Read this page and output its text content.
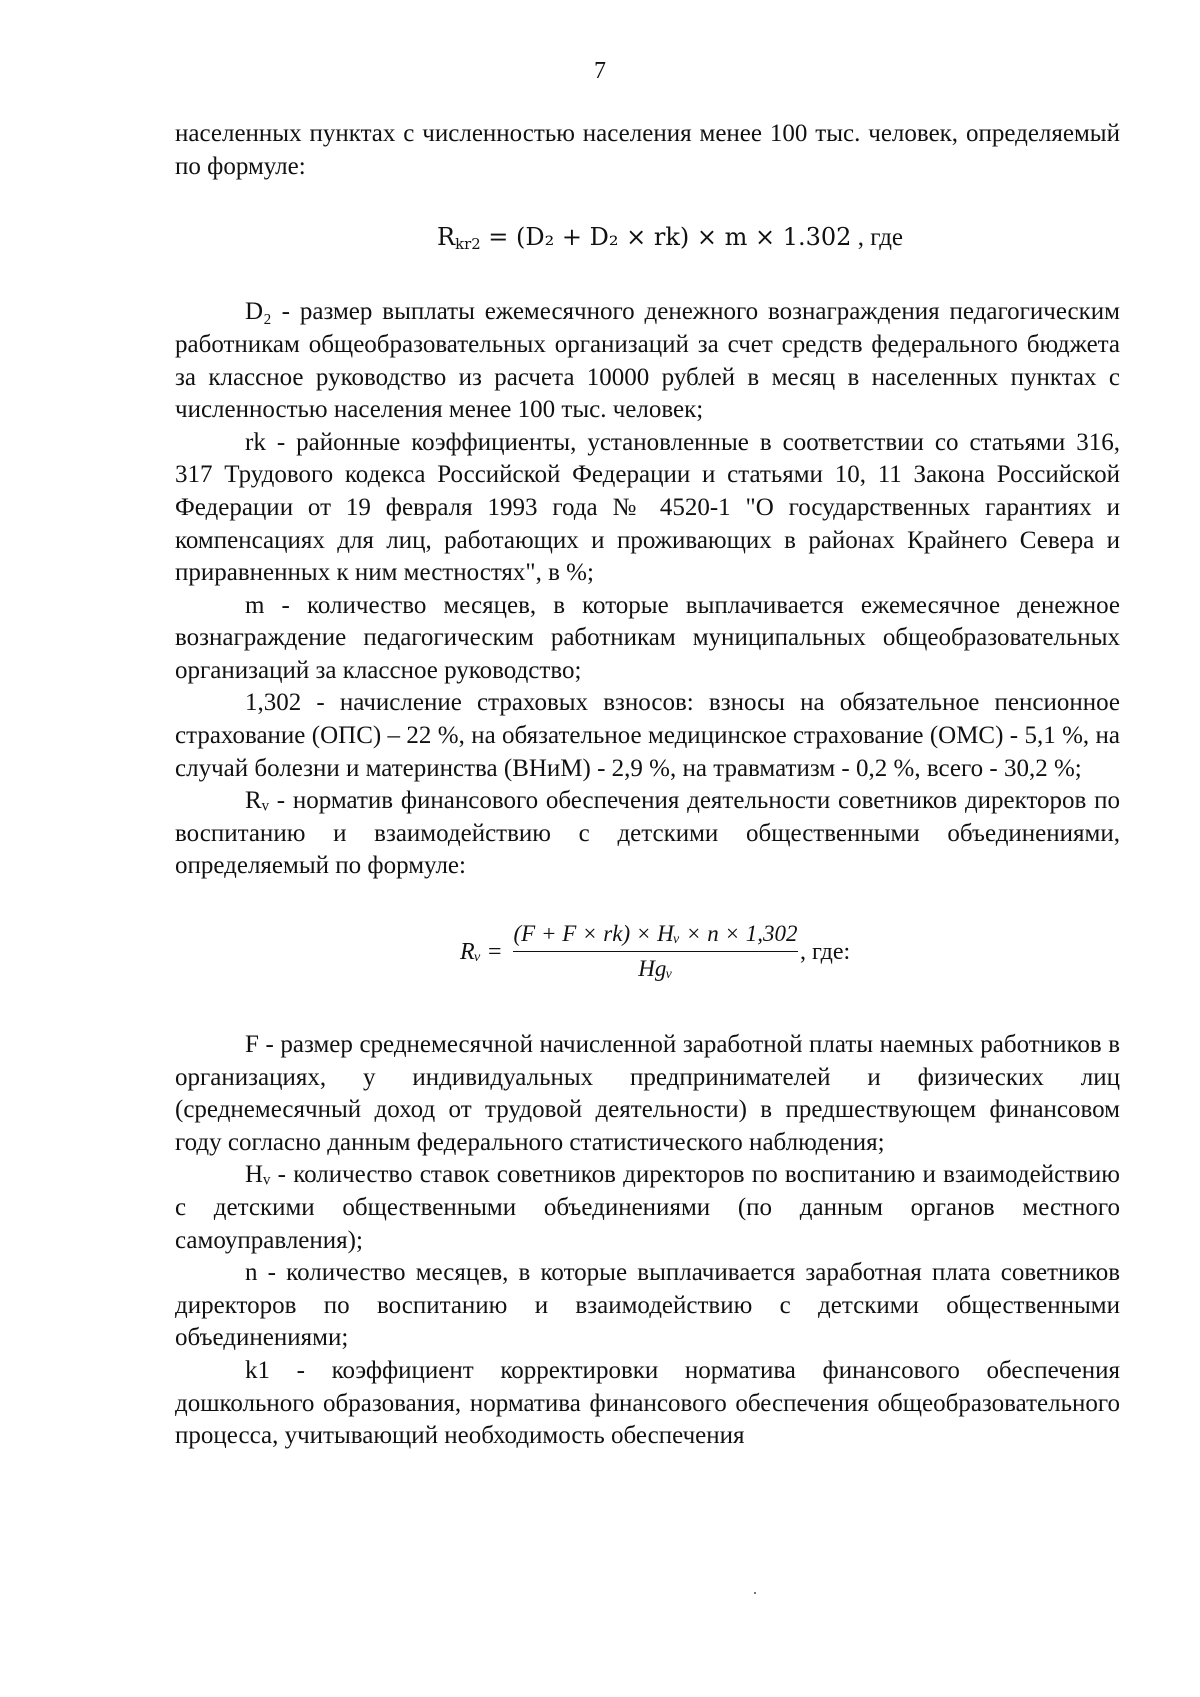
7

населенных пунктах с численностью населения менее 100 тыс. человек, определяемый по формуле:

$R_{kr2} = (D_2 + D_2 \times rk) \times m \times 1.302$ , где

D₂ - размер выплаты ежемесячного денежного вознаграждения педагогическим работникам общеобразовательных организаций за счет средств федерального бюджета за классное руководство из расчета 10000 рублей в месяц в населенных пунктах с численностью населения менее 100 тыс. человек;

rk - районные коэффициенты, установленные в соответствии со статьями 316, 317 Трудового кодекса Российской Федерации и статьями 10, 11 Закона Российской Федерации от 19 февраля 1993 года № 4520-1 "О государственных гарантиях и компенсациях для лиц, работающих и проживающих в районах Крайнего Севера и приравненных к ним местностях", в %;

m - количество месяцев, в которые выплачивается ежемесячное денежное вознаграждение педагогическим работникам муниципальных общеобразовательных организаций за классное руководство;

1,302 - начисление страховых взносов: взносы на обязательное пенсионное страхование (ОПС) – 22 %, на обязательное медицинское страхование (ОМС) - 5,1 %, на случай болезни и материнства (ВНиМ) - 2,9 %, на травматизм - 0,2 %, всего - 30,2 %;

Rᵥ - норматив финансового обеспечения деятельности советников директоров по воспитанию и взаимодействию с детскими общественными объединениями, определяемый по формуле:

Rᵥ =
(F + F × rk) × Hᵥ × n × 1,302
Hgᵥ
, где:

F - размер среднемесячной начисленной заработной платы наемных работников в организациях, у индивидуальных предпринимателей и физических лиц (среднемесячный доход от трудовой деятельности) в предшествующем финансовом году согласно данным федерального статистического наблюдения;

Hᵥ - количество ставок советников директоров по воспитанию и взаимодействию с детскими общественными объединениями (по данным органов местного самоуправления);

n - количество месяцев, в которые выплачивается заработная плата советников директоров по воспитанию и взаимодействию с детскими общественными объединениями;

k1 - коэффициент корректировки норматива финансового обеспечения дошкольного образования, норматива финансового обеспечения общеобразовательного процесса, учитывающий необходимость обеспечения
